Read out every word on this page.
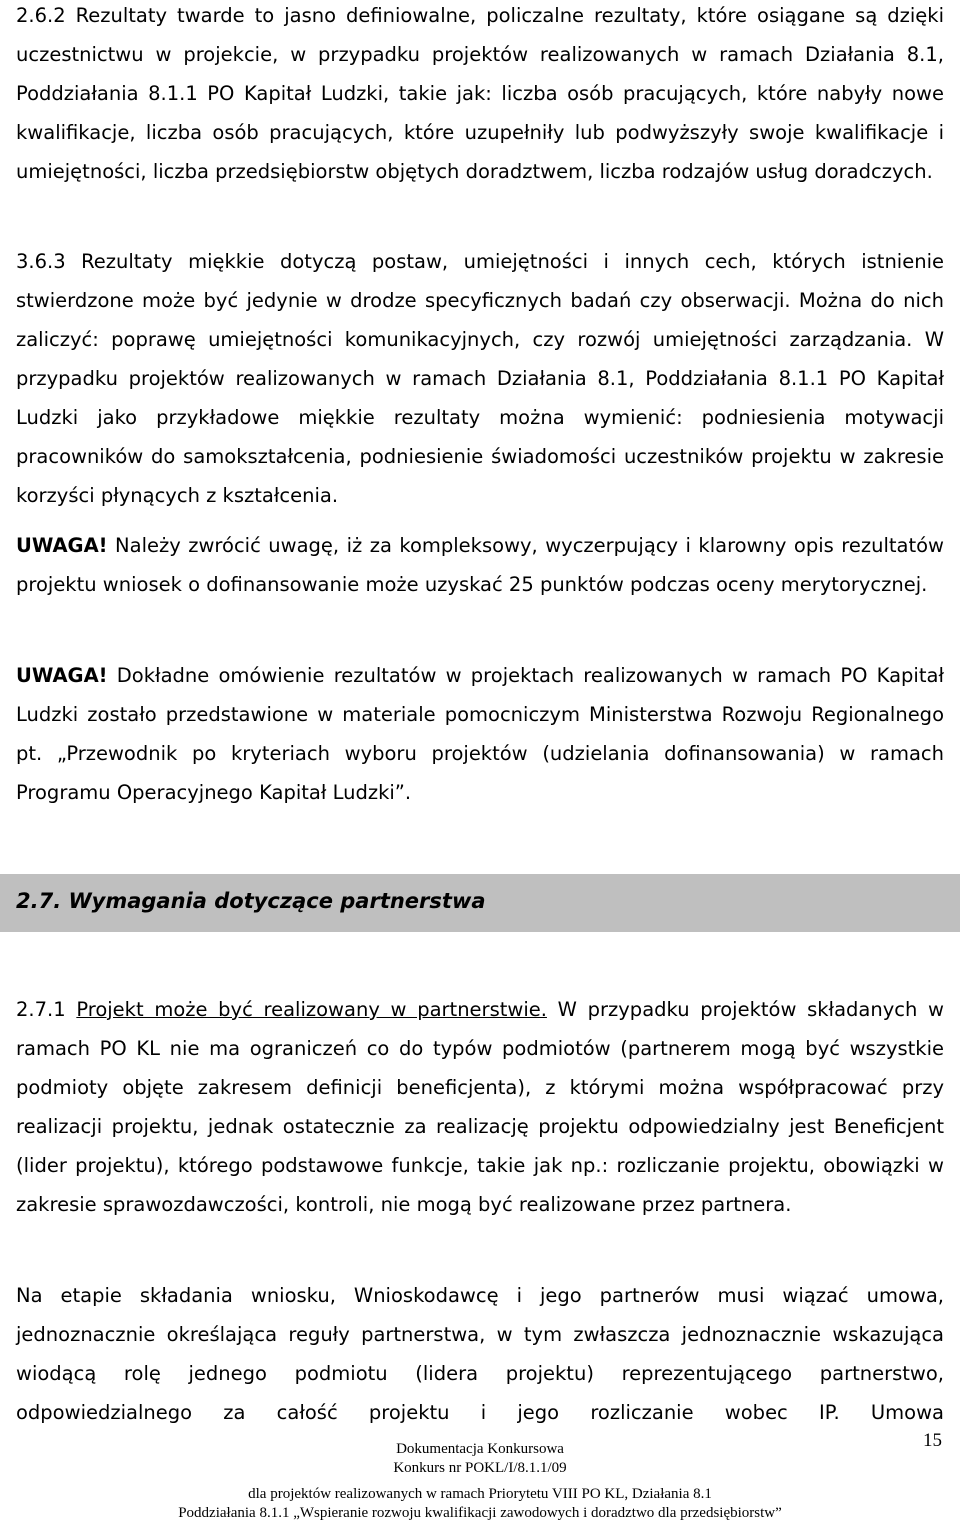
2.6.2 Rezultaty twarde to jasno definiowalne, policzalne rezultaty, które osiągane są dzięki uczestnictwu w projekcie, w przypadku projektów realizowanych w ramach Działania 8.1, Poddziałania 8.1.1 PO Kapitał Ludzki, takie jak: liczba osób pracujących, które nabyły nowe kwalifikacje, liczba osób pracujących, które uzupełniły lub podwyższyły swoje kwalifikacje i umiejętności, liczba przedsiębiorstw objętych doradztwem, liczba rodzajów usług doradczych.

3.6.3 Rezultaty miękkie dotyczą postaw, umiejętności i innych cech, których istnienie stwierdzone może być jedynie w drodze specyficznych badań czy obserwacji. Można do nich zaliczyć: poprawę umiejętności komunikacyjnych, czy rozwój umiejętności zarządzania. W przypadku projektów realizowanych w ramach Działania 8.1, Poddziałania 8.1.1 PO Kapitał Ludzki jako przykładowe miękkie rezultaty można wymienić: podniesienia motywacji pracowników do samokształcenia, podniesienie świadomości uczestników projektu w zakresie korzyści płynących z kształcenia.

UWAGA! Należy zwrócić uwagę, iż za kompleksowy, wyczerpujący i klarowny opis rezultatów projektu wniosek o dofinansowanie może uzyskać 25 punktów podczas oceny merytorycznej.

UWAGA! Dokładne omówienie rezultatów w projektach realizowanych w ramach PO Kapitał Ludzki zostało przedstawione w materiale pomocniczym Ministerstwa Rozwoju Regionalnego pt. „Przewodnik po kryteriach wyboru projektów (udzielania dofinansowania) w ramach Programu Operacyjnego Kapitał Ludzki”.

2.7. Wymagania dotyczące partnerstwa

2.7.1 Projekt może być realizowany w partnerstwie. W przypadku projektów składanych w ramach PO KL nie ma ograniczeń co do typów podmiotów (partnerem mogą być wszystkie podmioty objęte zakresem definicji beneficjenta), z którymi można współpracować przy realizacji projektu, jednak ostatecznie za realizację projektu odpowiedzialny jest Beneficjent (lider projektu), którego podstawowe funkcje, takie jak np.: rozliczanie projektu, obowiązki w zakresie sprawozdawczości, kontroli, nie mogą być realizowane przez partnera.

Na etapie składania wniosku, Wnioskodawcę i jego partnerów musi wiązać umowa, jednoznacznie określająca reguły partnerstwa, w tym zwłaszcza jednoznacznie wskazująca wiodącą rolę jednego podmiotu (lidera projektu) reprezentującego partnerstwo, odpowiedzialnego za całość projektu i jego rozliczanie wobec IP. Umowa

15
Dokumentacja Konkursowa
Konkurs nr POKL/I/8.1.1/09
dla projektów realizowanych w ramach Priorytetu VIII PO KL, Działania 8.1
Poddziałania 8.1.1 „Wspieranie rozwoju kwalifikacji zawodowych i doradztwo dla przedsiębiorstw”
